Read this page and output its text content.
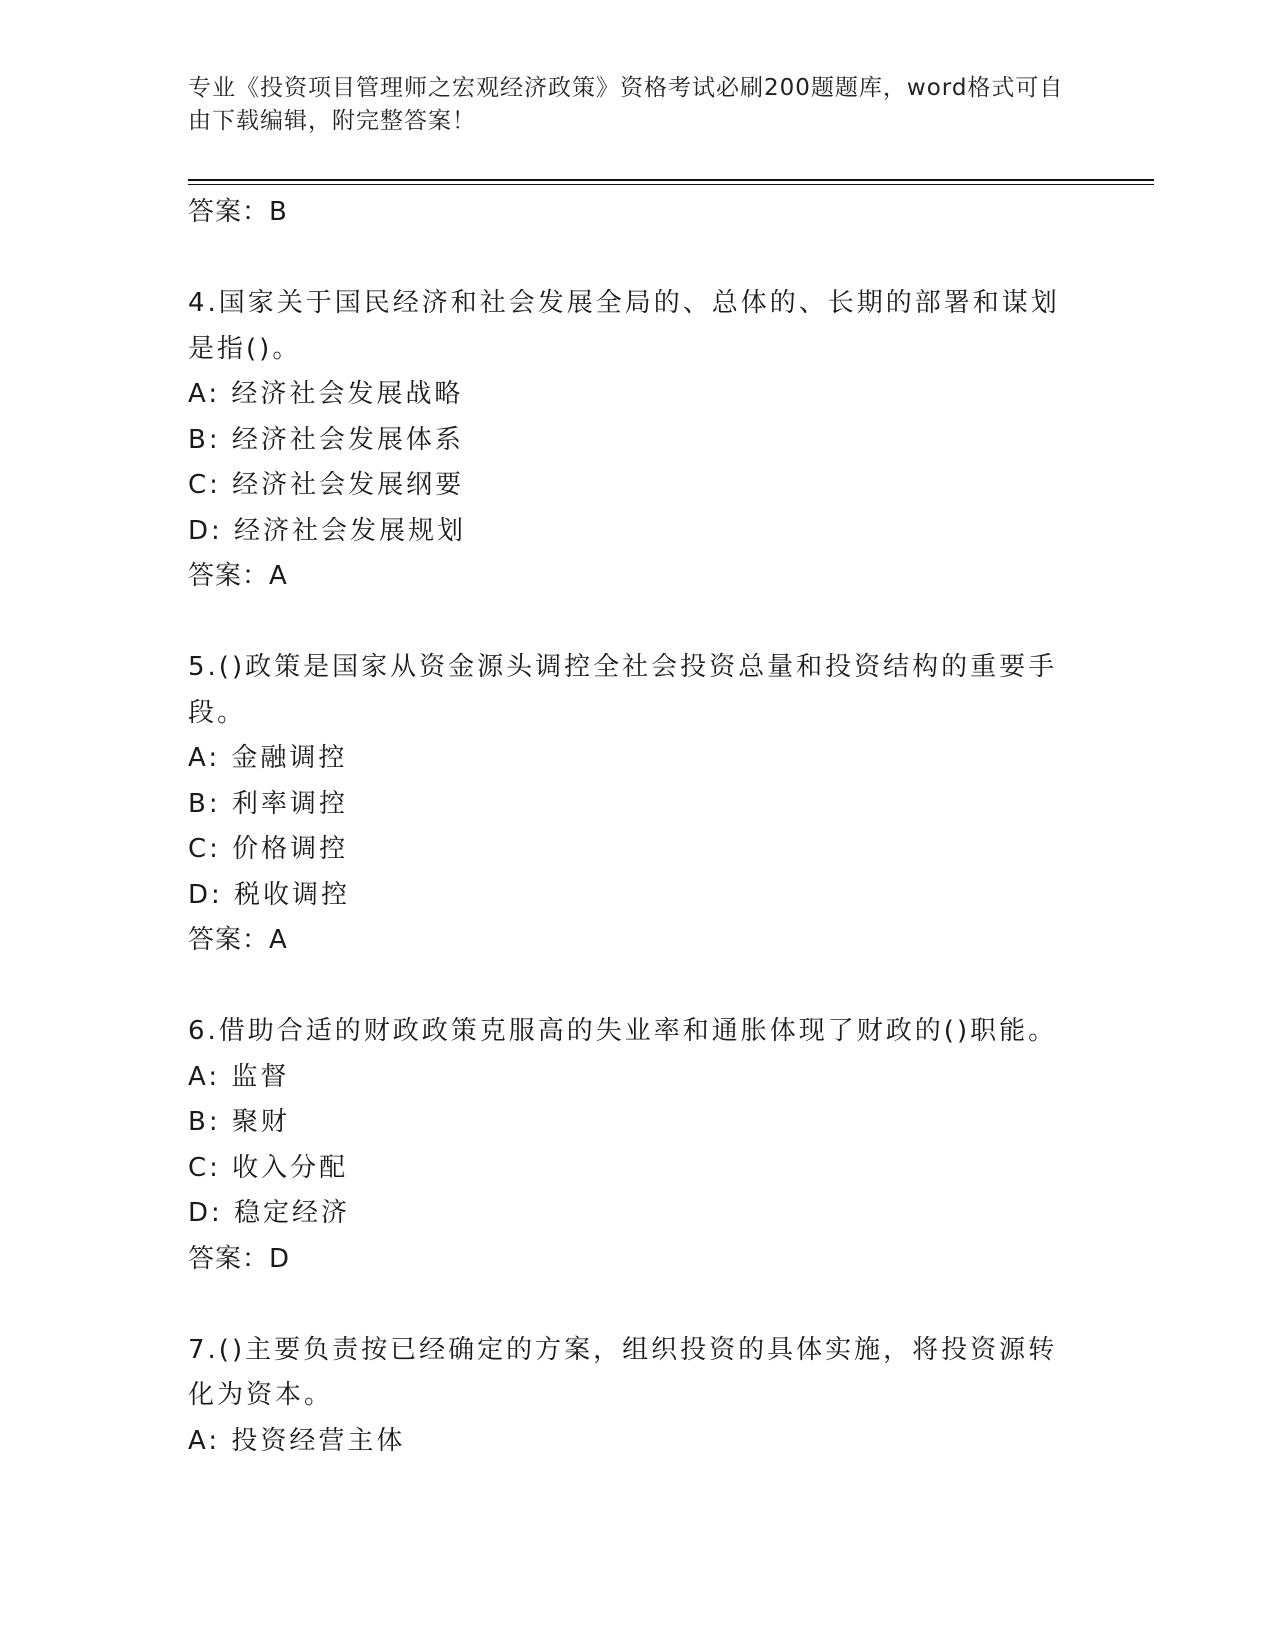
专业《投资项目管理师之宏观经济政策》资格考试必刷200题题库，word格式可自由下载编辑，附完整答案！
答案：B
4.国家关于国民经济和社会发展全局的、总体的、长期的部署和谋划
是指()。
A: 经济社会发展战略
B: 经济社会发展体系
C: 经济社会发展纲要
D: 经济社会发展规划
答案：A
5.()政策是国家从资金源头调控全社会投资总量和投资结构的重要手
段。
A: 金融调控
B: 利率调控
C: 价格调控
D: 税收调控
答案：A
6.借助合适的财政政策克服高的失业率和通胀体现了财政的()职能。
A: 监督
B: 聚财
C: 收入分配
D: 稳定经济
答案：D
7.()主要负责按已经确定的方案，组织投资的具体实施，将投资源转
化为资本。
A: 投资经营主体
